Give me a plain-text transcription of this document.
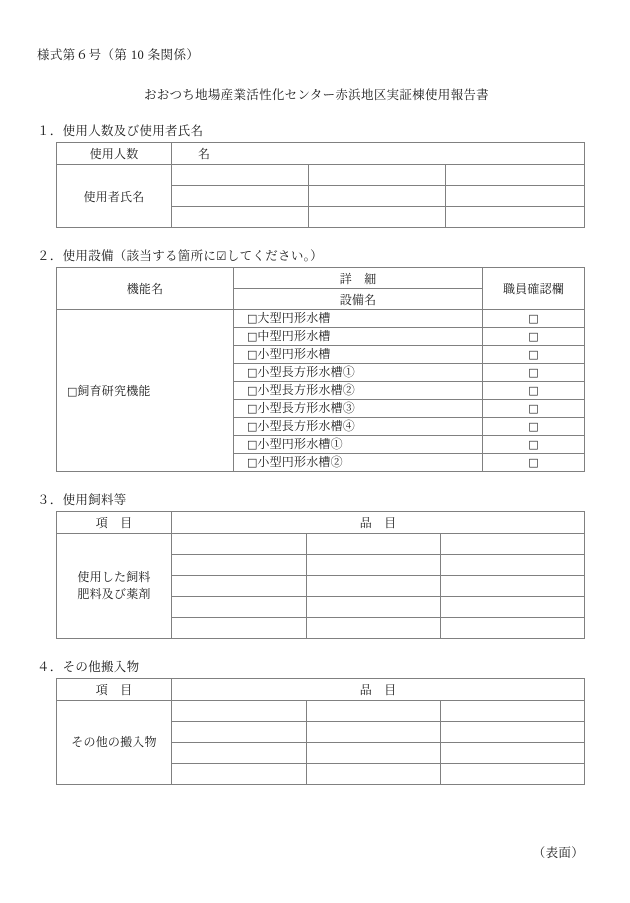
様式第６号（第 10 条関係）
おおつち地場産業活性化センター赤浜地区実証棟使用報告書
１．使用人数及び使用者氏名
使用人数	名		
使用者氏名			

２．使用設備（該当する箇所に☑してください。）
機能名	詳　細	職員確認欄
	設備名	
□飼育研究機能	□大型円形水槽	□
	□中型円形水槽	□
	□小型円形水槽	□
	□小型長方形水槽①	□
	□小型長方形水槽②	□
	□小型長方形水槽③	□
	□小型長方形水槽④	□
	□小型円形水槽①	□
	□小型円形水槽②	□
３．使用飼料等
項　目	品　目		
使用した飼料
肥料及び薬剤			

４．その他搬入物
項　目	品　目		
その他の搬入物			

（表面）
